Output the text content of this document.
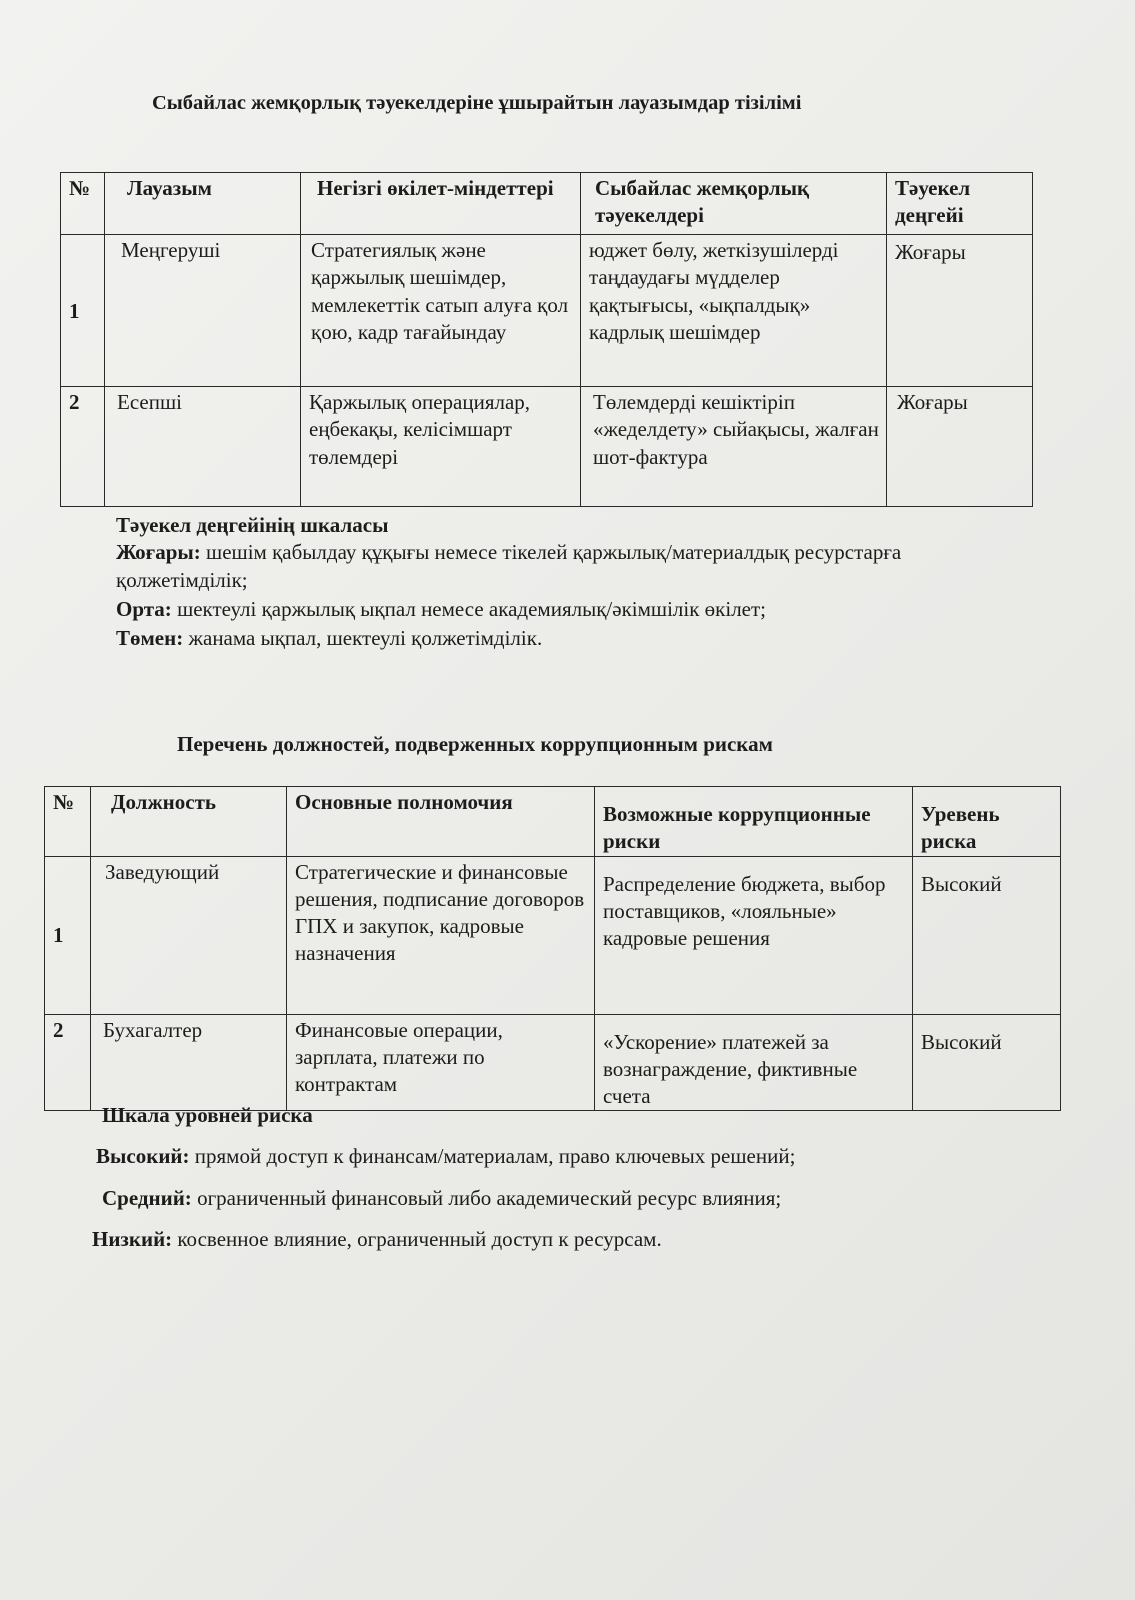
Сыбайлас жемқорлық тәуекелдеріне ұшырайтын лауазымдар тізілімі
№	Лауазым	Негізгі өкілет-міндеттері	Сыбайлас жемқорлық тәуекелдері	Тәуекел деңгейі
1	Меңгеруші	Стратегиялық және қаржылық шешімдер, мемлекеттік сатып алуға қол қою, кадр тағайындау	юджет бөлу, жеткізушілерді таңдаудағы мүдделер қақтығысы, «ықпалдық» кадрлық шешімдер	Жоғары
2	Есепші	Қаржылық операциялар, еңбекақы, келісімшарт төлемдері	Төлемдерді кешіктіріп «жеделдету» сыйақысы, жалған шот-фактура	Жоғары
Тәуекел деңгейінің шкаласы
Жоғары: шешім қабылдау құқығы немесе тікелей қаржылық/материалдық ресурстарға қолжетімділік;
Орта: шектеулі қаржылық ықпал немесе академиялық/әкімшілік өкілет;
Төмен: жанама ықпал, шектеулі қолжетімділік.
Перечень должностей, подверженных коррупционным рискам
№	Должность	Основные полномочия	Возможные коррупционные риски	Уревень риска
1	Заведующий	Стратегические и финансовые решения, подписание договоров ГПХ и закупок, кадровые назначения	Распределение бюджета, выбор поставщиков, «лояльные» кадровые решения	Высокий
2	Бухагалтер	Финансовые операции, зарплата, платежи по контрактам	«Ускорение» платежей за вознаграждение, фиктивные счета	Высокий
Шкала уровней риска
Высокий: прямой доступ к финансам/материалам, право ключевых решений;
Средний: ограниченный финансовый либо академический ресурс влияния;
Низкий: косвенное влияние, ограниченный доступ к ресурсам.
